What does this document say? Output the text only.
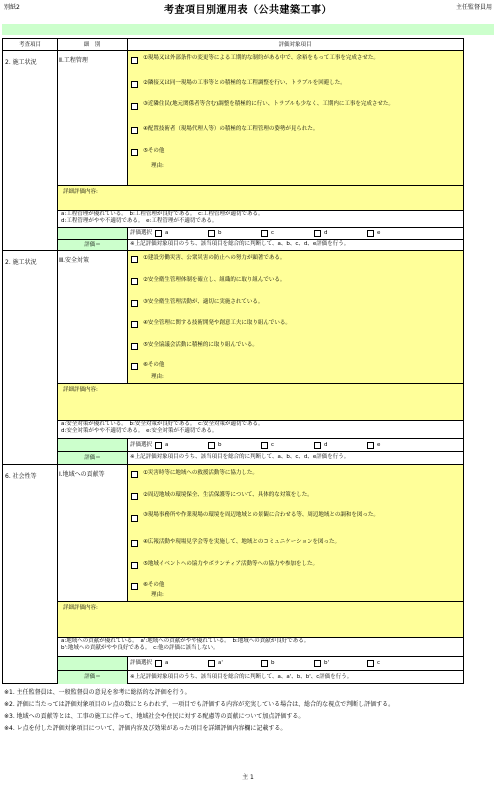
別紙2	考査項目別運用表（公共建築工事）	主任監督員用
考査項目	細　別	評価対象項目
2. 施工状況	Ⅱ.工程管理	①現場又は外部条件の変更等による工期的な制約がある中で、余裕をもって工事を完成させた。
②隣接又は同一現場の工事等との積極的な工程調整を行い、トラブルを回避した。
③近隣住民(地元関係者等含む)調整を積極的に行い、トラブルも少なく、工期内に工事を完成させた。
④配置技術者（現場代理人等）の積極的な工程管理の姿勢が見られた。
⑤その他
理由:
詳細評価内容:
a:工程管理が優れている。　b:工程管理が良好である。　c:工程管理が適切である。
d:工程管理がやや不適切である。　e:工程管理が不適切である。
評価選択 a	b	c	d	e
評価＝	※上記評価対象項目のうち、該当項目を総合的に判断して、a、b、c、d、e評価を行う。
2. 施工状況	Ⅲ.安全対策	①建設労働災害、公衆災害の防止への努力が顕著である。
②安全衛生管理体制を確立し、組織的に取り組んでいる。
③安全衛生管理活動が、適切に実施されている。
④安全管理に関する技術開発や創意工夫に取り組んでいる。
⑤安全協議会活動に積極的に取り組んでいる。
⑥その他
理由:
詳細評価内容:
a:安全対策が優れている。　b:安全対策が良好である。　c:安全対策が適切である。
d:安全対策がやや不適切である。　e:安全対策が不適切である。
評価選択 a	b	c	d	e
評価＝	※上記評価対象項目のうち、該当項目を総合的に判断して、a、b、c、d、e評価を行う。
6. 社会性等	Ⅰ.地域への貢献等	①災害時等に地域への救援活動等に協力した。
②周辺地域の環境保全、生活保護等について、具体的な対策をした。
③現場事務所や作業現場の環境を周辺地域との景観に合わせる等、周辺地域との調和を図った。
④広報活動や現場見学会等を実施して、地域とのコミュニケーションを図った。
⑤地域イベントへの協力やボランティア活動等への協力や参加をした。
⑥その他
理由:
詳細評価内容:
a:地域への貢献が優れている。　a':地域への貢献がやや優れている。　b:地域への貢献が良好である。
b':地域への貢献がやや良好である。　c:他の評価に該当しない。
評価選択 a	a'	b	b'	c
評価＝	※上記評価対象項目のうち、該当項目を総合的に判断して、a、a'、b、b'、c評価を行う。

※1. 主任監督員は、一般監督員の意見を参考に総括的な評価を行う。

※2. 評価に当たっては評価対象項目のレ点の数にとらわれず、一項目でも評価する内容が充実している場合は、総合的な視点で判断し評価する。

※3. 地域への貢献等とは、工事の施工に伴って、地域社会や住民に対する配慮等の貢献について加点評価する。

※4. レ点を付した評価対象項目について、評価内容及び効果があった項目を詳細評価内容欄に記載する。

主 1
